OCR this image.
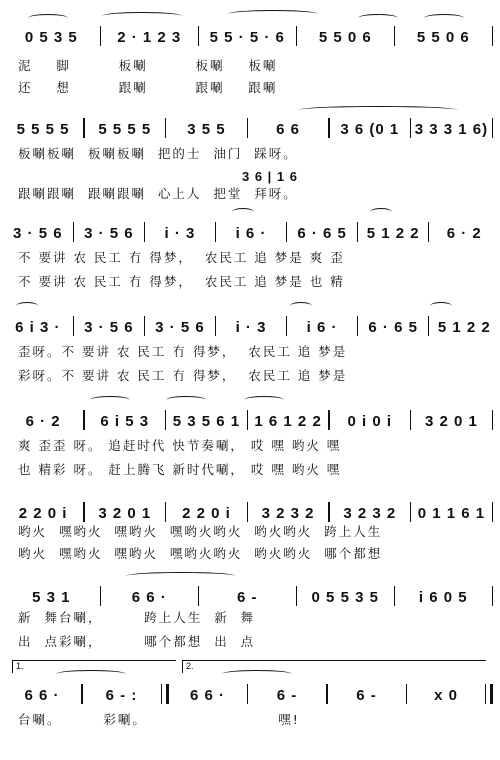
0 5 3 5	2 · 1 2 3	5 5 · 5 · 6	5 5 0 6	5 5 0 6
泥    脚        板唰        板唰    板唰
还    想        跟唰        跟唰    跟唰
5 5 5 5	5 5 5 5	3 5 5	6 6	3 6 (0 1	3 3 3 1 6)
板唰板唰  板唰板唰  把的士  油门  踩呀。
3 6 | 1 6
跟唰跟唰  跟唰跟唰  心上人  把堂  拜呀。
3 · 5 6	3 · 5 6	i · 3	i 6 ·	6 · 6 5	5 1 2 2	6 · 2
不 要讲 农 民工 冇 得梦，  农民工 追 梦是 爽 歪
不 要讲 农 民工 冇 得梦，  农民工 追 梦是 也 精
6 i 3 ·	3 · 5 6	3 · 5 6	i · 3	i 6 ·	6 · 6 5	5 1 2 2
歪呀。不 要讲 农 民工 冇 得梦，  农民工 追 梦是
彩呀。不 要讲 农 民工 冇 得梦，  农民工 追 梦是
6 · 2	6 i 5 3	5 3 5 6 1 1 6 1 2 2	0 i 0 i	3 2 0 1
爽 歪歪 呀。 追赶时代 快节奏唰， 哎 嘿 哟火 嘿
也 精彩 呀。 赶上腾飞 新时代唰， 哎 嘿 哟火 嘿
2 2 0 i	3 2 0 1	2 2 0 i	3 2 3 2	3 2 3 2	0 1 1 6 1
哟火  嘿哟火  嘿哟火  嘿哟火哟火  哟火哟火  跨上人生
哟火  嘿哟火  嘿哟火  嘿哟火哟火  哟火哟火  哪个都想
5 3 1	6 6 ·	6 -	0 5 5 3 5	i 6 0 5
新  舞台唰，       跨上人生  新  舞
出  点彩唰，       哪个都想  出  点
1.	2.
6 6 ·	6 - :	6 6 ·	6 -	6 -	x 0
台唰。       彩唰。                      嘿!
